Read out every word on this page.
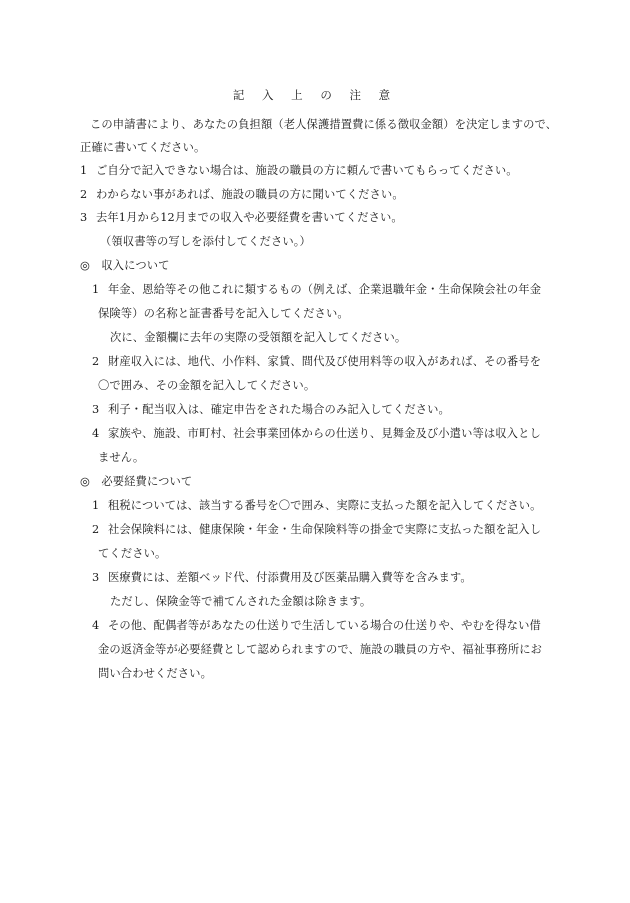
記 入 上 の 注 意
この申請書により、あなたの負担額（老人保護措置費に係る徴収金額）を決定しますので、
正確に書いてください。
1 ご自分で記入できない場合は、施設の職員の方に頼んで書いてもらってください。
2 わからない事があれば、施設の職員の方に聞いてください。
3 去年1月から12月までの収入や必要経費を書いてください。
（領収書等の写しを添付してください。）
◎　収入について
1 年金、恩給等その他これに類するもの（例えば、企業退職年金・生命保険会社の年金
保険等）の名称と証書番号を記入してください。
次に、金額欄に去年の実際の受領額を記入してください。
2 財産収入には、地代、小作料、家賃、間代及び使用料等の収入があれば、その番号を
〇で囲み、その金額を記入してください。
3 利子・配当収入は、確定申告をされた場合のみ記入してください。
4 家族や、施設、市町村、社会事業団体からの仕送り、見舞金及び小遣い等は収入とし
ません。
◎　必要経費について
1 租税については、該当する番号を〇で囲み、実際に支払った額を記入してください。
2 社会保険料には、健康保険・年金・生命保険料等の掛金で実際に支払った額を記入し
てください。
3 医療費には、差額ベッド代、付添費用及び医薬品購入費等を含みます。
ただし、保険金等で補てんされた金額は除きます。
4 その他、配偶者等があなたの仕送りで生活している場合の仕送りや、やむを得ない借
金の返済金等が必要経費として認められますので、施設の職員の方や、福祉事務所にお
問い合わせください。
